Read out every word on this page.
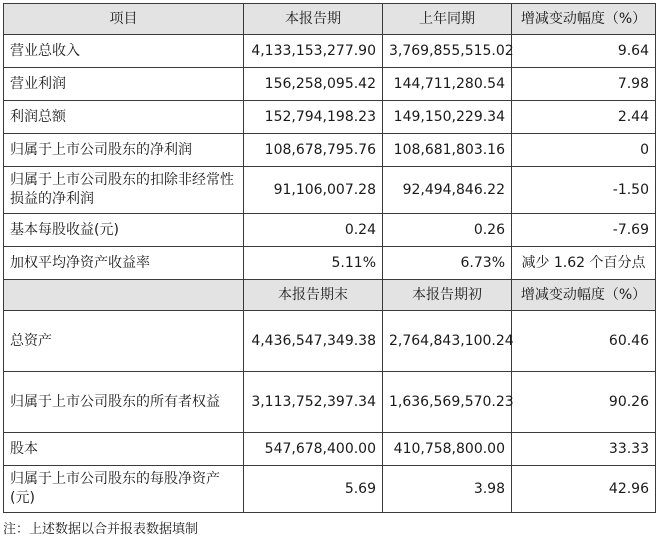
项目	本报告期	上年同期	增减变动幅度（%）
营业总收入	4,133,153,277.90	3,769,855,515.02	9.64
营业利润	156,258,095.42	144,711,280.54	7.98
利润总额	152,794,198.23	149,150,229.34	2.44
归属于上市公司股东的净利润	108,678,795.76	108,681,803.16	0
归属于上市公司股东的扣除非经常性损益的净利润	91,106,007.28	92,494,846.22	-1.50
基本每股收益(元)	0.24	0.26	-7.69
加权平均净资产收益率	5.11%	6.73%	减少 1.62 个百分点
	本报告期末	本报告期初	增减变动幅度（%）
总资产	4,436,547,349.38	2,764,843,100.24	60.46
归属于上市公司股东的所有者权益	3,113,752,397.34	1,636,569,570.23	90.26
股本	547,678,400.00	410,758,800.00	33.33
归属于上市公司股东的每股净资产(元)	5.69	3.98	42.96
注：上述数据以合并报表数据填制
